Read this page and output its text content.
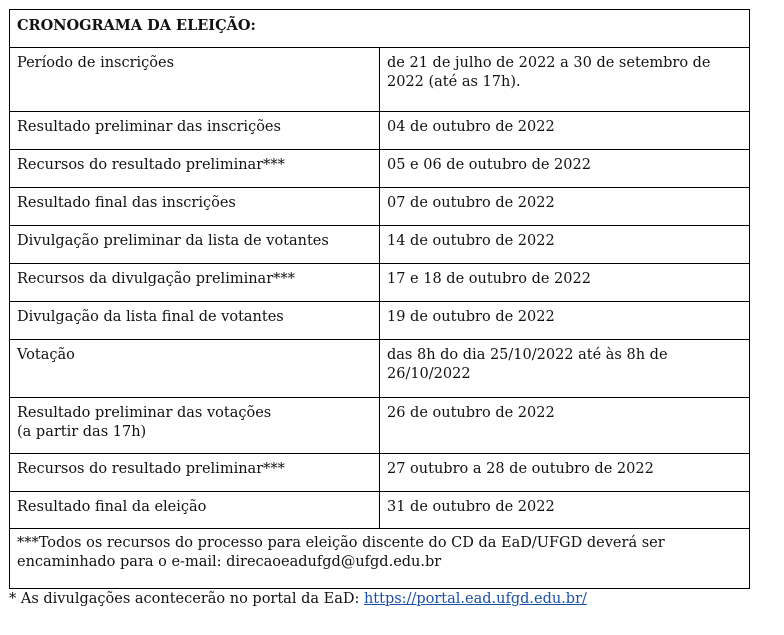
CRONOGRAMA DA ELEIÇÃO:	
Período de inscrições	de 21 de julho de 2022 a 30 de setembro de
2022 (até as 17h).
Resultado preliminar das inscrições	04 de outubro de 2022
Recursos do resultado preliminar***	05 e 06 de outubro de 2022
Resultado final das inscrições	07 de outubro de 2022
Divulgação preliminar da lista de votantes	14 de outubro de 2022
Recursos da divulgação preliminar***	17 e 18 de outubro de 2022
Divulgação da lista final de votantes	19 de outubro de 2022
Votação	das 8h do dia 25/10/2022 até às 8h de
26/10/2022
Resultado preliminar das votações
(a partir das 17h)	26 de outubro de 2022
Recursos do resultado preliminar***	27 outubro a 28 de outubro de 2022
Resultado final da eleição	31 de outubro de 2022
***Todos os recursos do processo para eleição discente do CD da EaD/UFGD deverá ser
encaminhado para o e-mail: direcaoeadufgd@ufgd.edu.br	
* As divulgações acontecerão no portal da EaD: https://portal.ead.ufgd.edu.br/
